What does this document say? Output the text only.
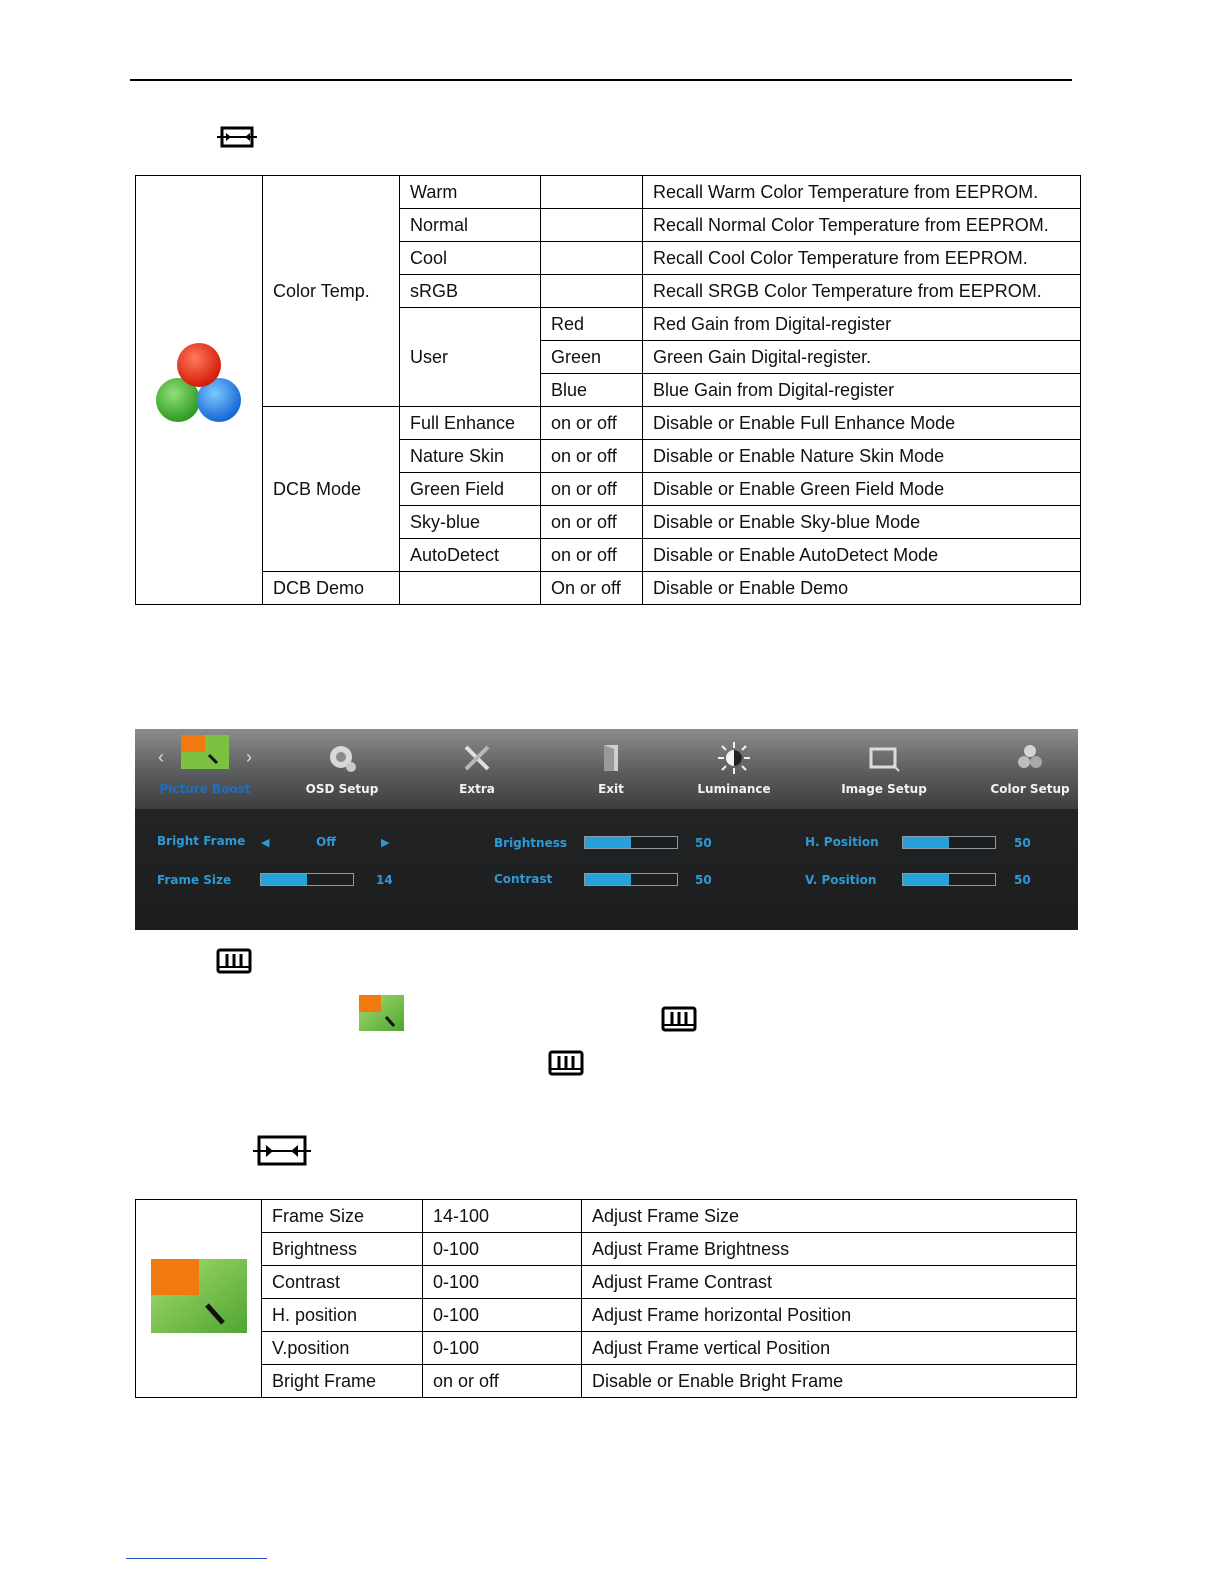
	Color Temp.	Warm		Recall Warm Color Temperature from EEPROM.
		Normal		Recall Normal Color Temperature from EEPROM.
		Cool		Recall Cool Color Temperature from EEPROM.
		sRGB		Recall SRGB Color Temperature from EEPROM.
		User	Red	Red Gain from Digital-register
			Green	Green Gain Digital-register.
			Blue	Blue Gain from Digital-register
	DCB Mode	Full Enhance	on or off	Disable or Enable Full Enhance Mode
		Nature Skin	on or off	Disable or Enable Nature Skin Mode
		Green Field	on or off	Disable or Enable Green Field Mode
		Sky-blue	on or off	Disable or Enable Sky-blue Mode
		AutoDetect	on or off	Disable or Enable AutoDetect Mode
	DCB Demo		On or off	Disable or Enable Demo
‹	›
Picture Boost	OSD Setup	Extra	Exit	Luminance	Image Setup	Color Setup
Bright Frame ◀	Off	▶	Brightness	50	H. Position	50
Frame Size	14	Contrast	50	V. Position	50
	Frame Size	14-100	Adjust Frame Size
	Brightness	0-100	Adjust Frame Brightness
	Contrast	0-100	Adjust Frame Contrast
	H. position	0-100	Adjust Frame horizontal Position
	V.position	0-100	Adjust Frame vertical Position
	Bright Frame	on or off	Disable or Enable Bright Frame
